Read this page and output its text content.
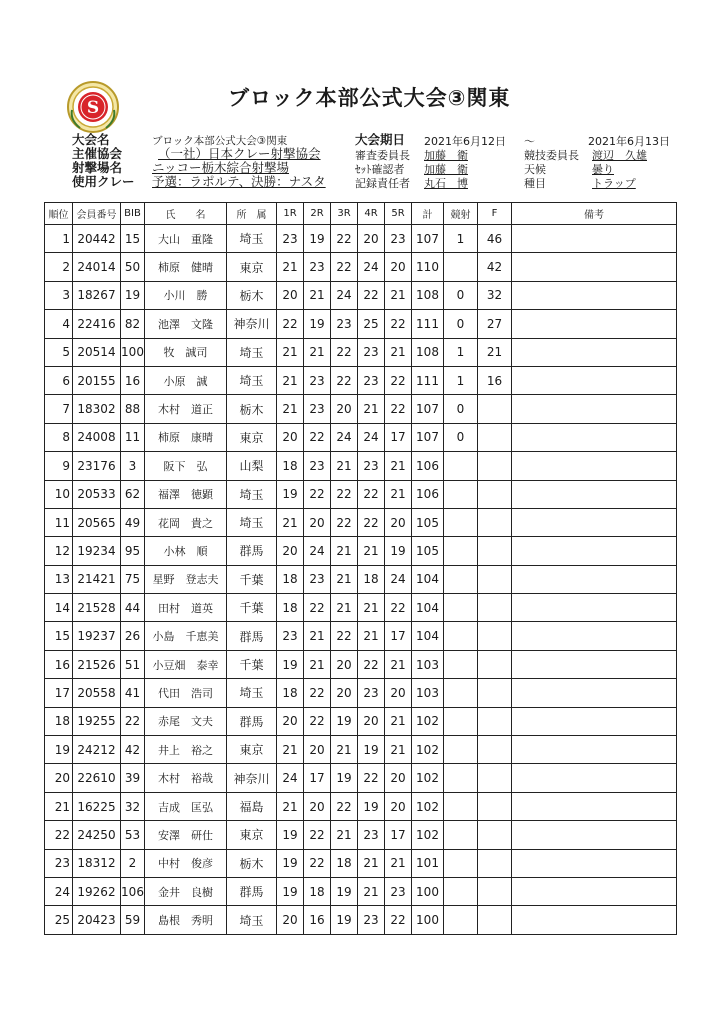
S	ブロック本部公式大会③関東
大会名	ブロック本部公式大会③関東
主催協会	（一社）日本クレー射撃協会
射撃場名 ニッコー栃木綜合射撃場
使用クレー 予選：ラポルテ、決勝：ナスタ
大会期日 2021年6月12日 ～	2021年6月13日
審査委員長 加藤　衛
ｾｯﾄ確認者 加藤　衛
記録責任者 丸石　博
競技委員長 渡辺　久雄
天候	曇り
種目	トラップ
順位	会員番号	BIB	氏　　名	所　属	1R	2R	3R	4R	5R	計	競射	F	備考
1	20442	15	大山　重隆	埼玉	23	19	22	20	23	107	1	46	
2	24014	50	柿原　健晴	東京	21	23	22	24	20	110		42	
3	18267	19	小川　勝	栃木	20	21	24	22	21	108	0	32	
4	22416	82	池澤　文隆	神奈川	22	19	23	25	22	111	0	27	
5	20514	100	牧　誠司	埼玉	21	21	22	23	21	108	1	21	
6	20155	16	小原　誠	埼玉	21	23	22	23	22	111	1	16	
7	18302	88	木村　道正	栃木	21	23	20	21	22	107	0		
8	24008	11	柿原　康晴	東京	20	22	24	24	17	107	0		
9	23176	3	阪下　弘	山梨	18	23	21	23	21	106			
10	20533	62	福澤　徳顕	埼玉	19	22	22	22	21	106			
11	20565	49	花岡　貴之	埼玉	21	20	22	22	20	105			
12	19234	95	小林　順	群馬	20	24	21	21	19	105			
13	21421	75	星野　登志夫	千葉	18	23	21	18	24	104			
14	21528	44	田村　道英	千葉	18	22	21	21	22	104			
15	19237	26	小島　千恵美	群馬	23	21	22	21	17	104			
16	21526	51	小豆畑　泰幸	千葉	19	21	20	22	21	103			
17	20558	41	代田　浩司	埼玉	18	22	20	23	20	103			
18	19255	22	赤尾　文夫	群馬	20	22	19	20	21	102			
19	24212	42	井上　裕之	東京	21	20	21	19	21	102			
20	22610	39	木村　裕哉	神奈川	24	17	19	22	20	102			
21	16225	32	吉成　匡弘	福島	21	20	22	19	20	102			
22	24250	53	安澤　研仕	東京	19	22	21	23	17	102			
23	18312	2	中村　俊彦	栃木	19	22	18	21	21	101			
24	19262	106	金井　良樹	群馬	19	18	19	21	23	100			
25	20423	59	島根　秀明	埼玉	20	16	19	23	22	100			
